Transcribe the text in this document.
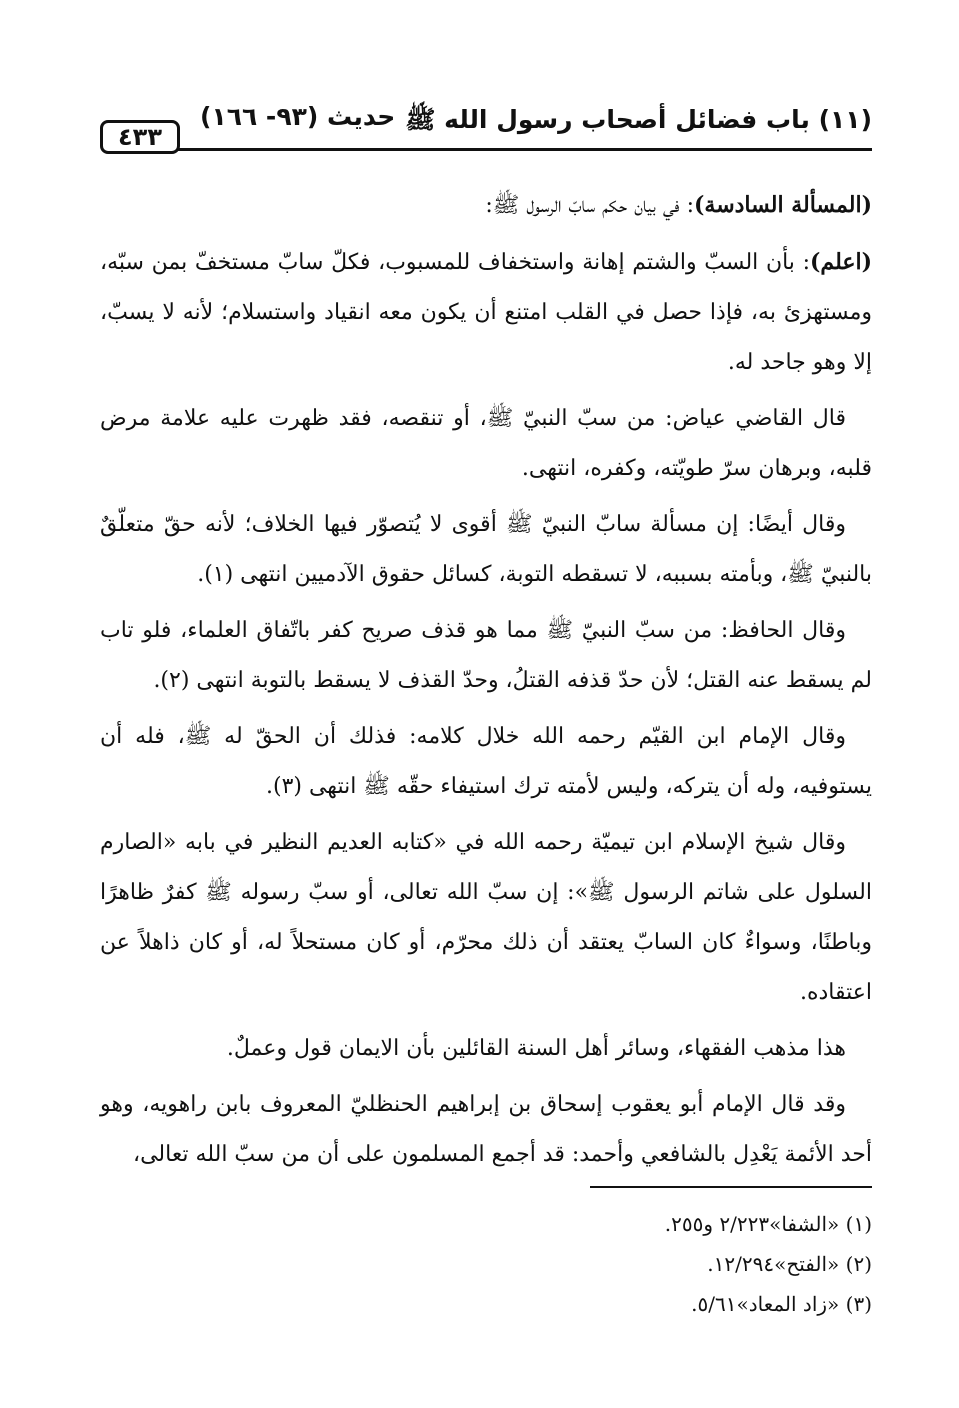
(١١) باب فضائل أصحاب رسول الله ﷺ
حديث (٩٣- ١٦٦)
٤٣٣

(المسألة السادسة): في بيان حكم سابّ الرسول ﷺ:

(اعلم): بأن السبّ والشتم إهانة واستخفاف للمسبوب، فكلّ سابّ مستخفّ بمن سبّه، ومستهزئ به، فإذا حصل في القلب امتنع أن يكون معه انقياد واستسلام؛ لأنه لا يسبّ، إلا وهو جاحد له.

قال القاضي عياض: من سبّ النبيّ ﷺ، أو تنقصه، فقد ظهرت عليه علامة مرض قلبه، وبرهان سرّ طويّته، وكفره، انتهى.

وقال أيضًا: إن مسألة سابّ النبيّ ﷺ أقوى لا يُتصوّر فيها الخلاف؛ لأنه حقّ متعلّقٌ بالنبيّ ﷺ، وبأمته بسببه، لا تسقطه التوبة، كسائل حقوق الآدميين انتهى (١).

وقال الحافظ: من سبّ النبيّ ﷺ مما هو قذف صريح كفر باتّفاق العلماء، فلو تاب لم يسقط عنه القتل؛ لأن حدّ قذفه القتلُ، وحدّ القذف لا يسقط بالتوبة انتهى (٢).

وقال الإمام ابن القيّم رحمه الله خلال كلامه: فذلك أن الحقّ له ﷺ، فله أن يستوفيه، وله أن يتركه، وليس لأمته ترك استيفاء حقّه ﷺ انتهى (٣).

وقال شيخ الإسلام ابن تيميّة رحمه الله في «كتابه العديم النظير في بابه «الصارم السلول على شاتم الرسول ﷺ»: إن سبّ الله تعالى، أو سبّ رسوله ﷺ كفرٌ ظاهرًا وباطنًا، وسواءٌ كان السابّ يعتقد أن ذلك محرّم، أو كان مستحلاً له، أو كان ذاهلاً عن اعتقاده.

هذا مذهب الفقهاء، وسائر أهل السنة القائلين بأن الايمان قول وعملٌ.

وقد قال الإمام أبو يعقوب إسحاق بن إبراهيم الحنظليّ المعروف بابن راهويه، وهو أحد الأئمة يَعْدِل بالشافعي وأحمد: قد أجمع المسلمون على أن من سبّ الله تعالى،

(١) «الشفا»٢/٢٢٣ و٢٥٥.
(٢) «الفتح»١٢/٢٩٤.
(٣) «زاد المعاد»٥/٦١.
